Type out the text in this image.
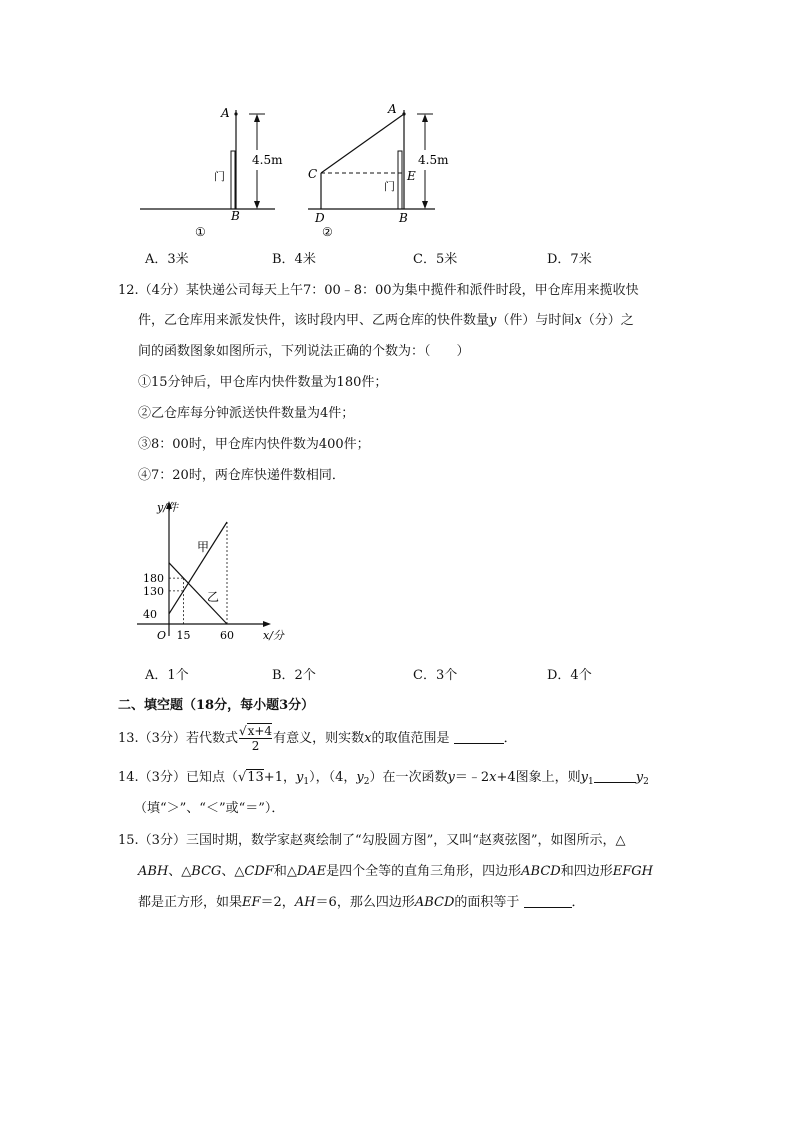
A
B
门
4.5m
①
A
B
C
D
E
门
4.5m
②
A．3米	B．4米	C．5米	D．7米
12.（4分）某快递公司每天上午7：00﹣8：00为集中揽件和派件时段，甲仓库用来揽收快
件，乙仓库用来派发快件，该时段内甲、乙两仓库的快件数量y（件）与时间x（分）之
间的函数图象如图所示，下列说法正确的个数为：（　　）
①15分钟后，甲仓库内快件数量为180件；
②乙仓库每分钟派送快件数量为4件；
③8：00时，甲仓库内快件数为400件；
④7：20时，两仓库快递件数相同．
180
130
40
15	60
y/件
x/分
O
甲
乙
A．1个	B．2个	C．3个	D．4个
二、填空题（18分，每小题3分）
13.（3分）若代数式 $\frac{√x+4}{2}$ 有意义，则实数x的取值范围是	．
14.（3分）已知点（√13+1，$y_1$），（4，$y_2$）在一次函数y＝﹣2x+4图象上，则$y_1$	$y_2$
（填“＞”、“＜”或“＝”）．
15.（3分）三国时期，数学家赵爽绘制了“勾股圆方图”，又叫“赵爽弦图”，如图所示，△
ABH、△BCG、△CDF和△DAE是四个全等的直角三角形，四边形ABCD和四边形EFGH
都是正方形，如果EF＝2，AH＝6，那么四边形ABCD的面积等于	．
